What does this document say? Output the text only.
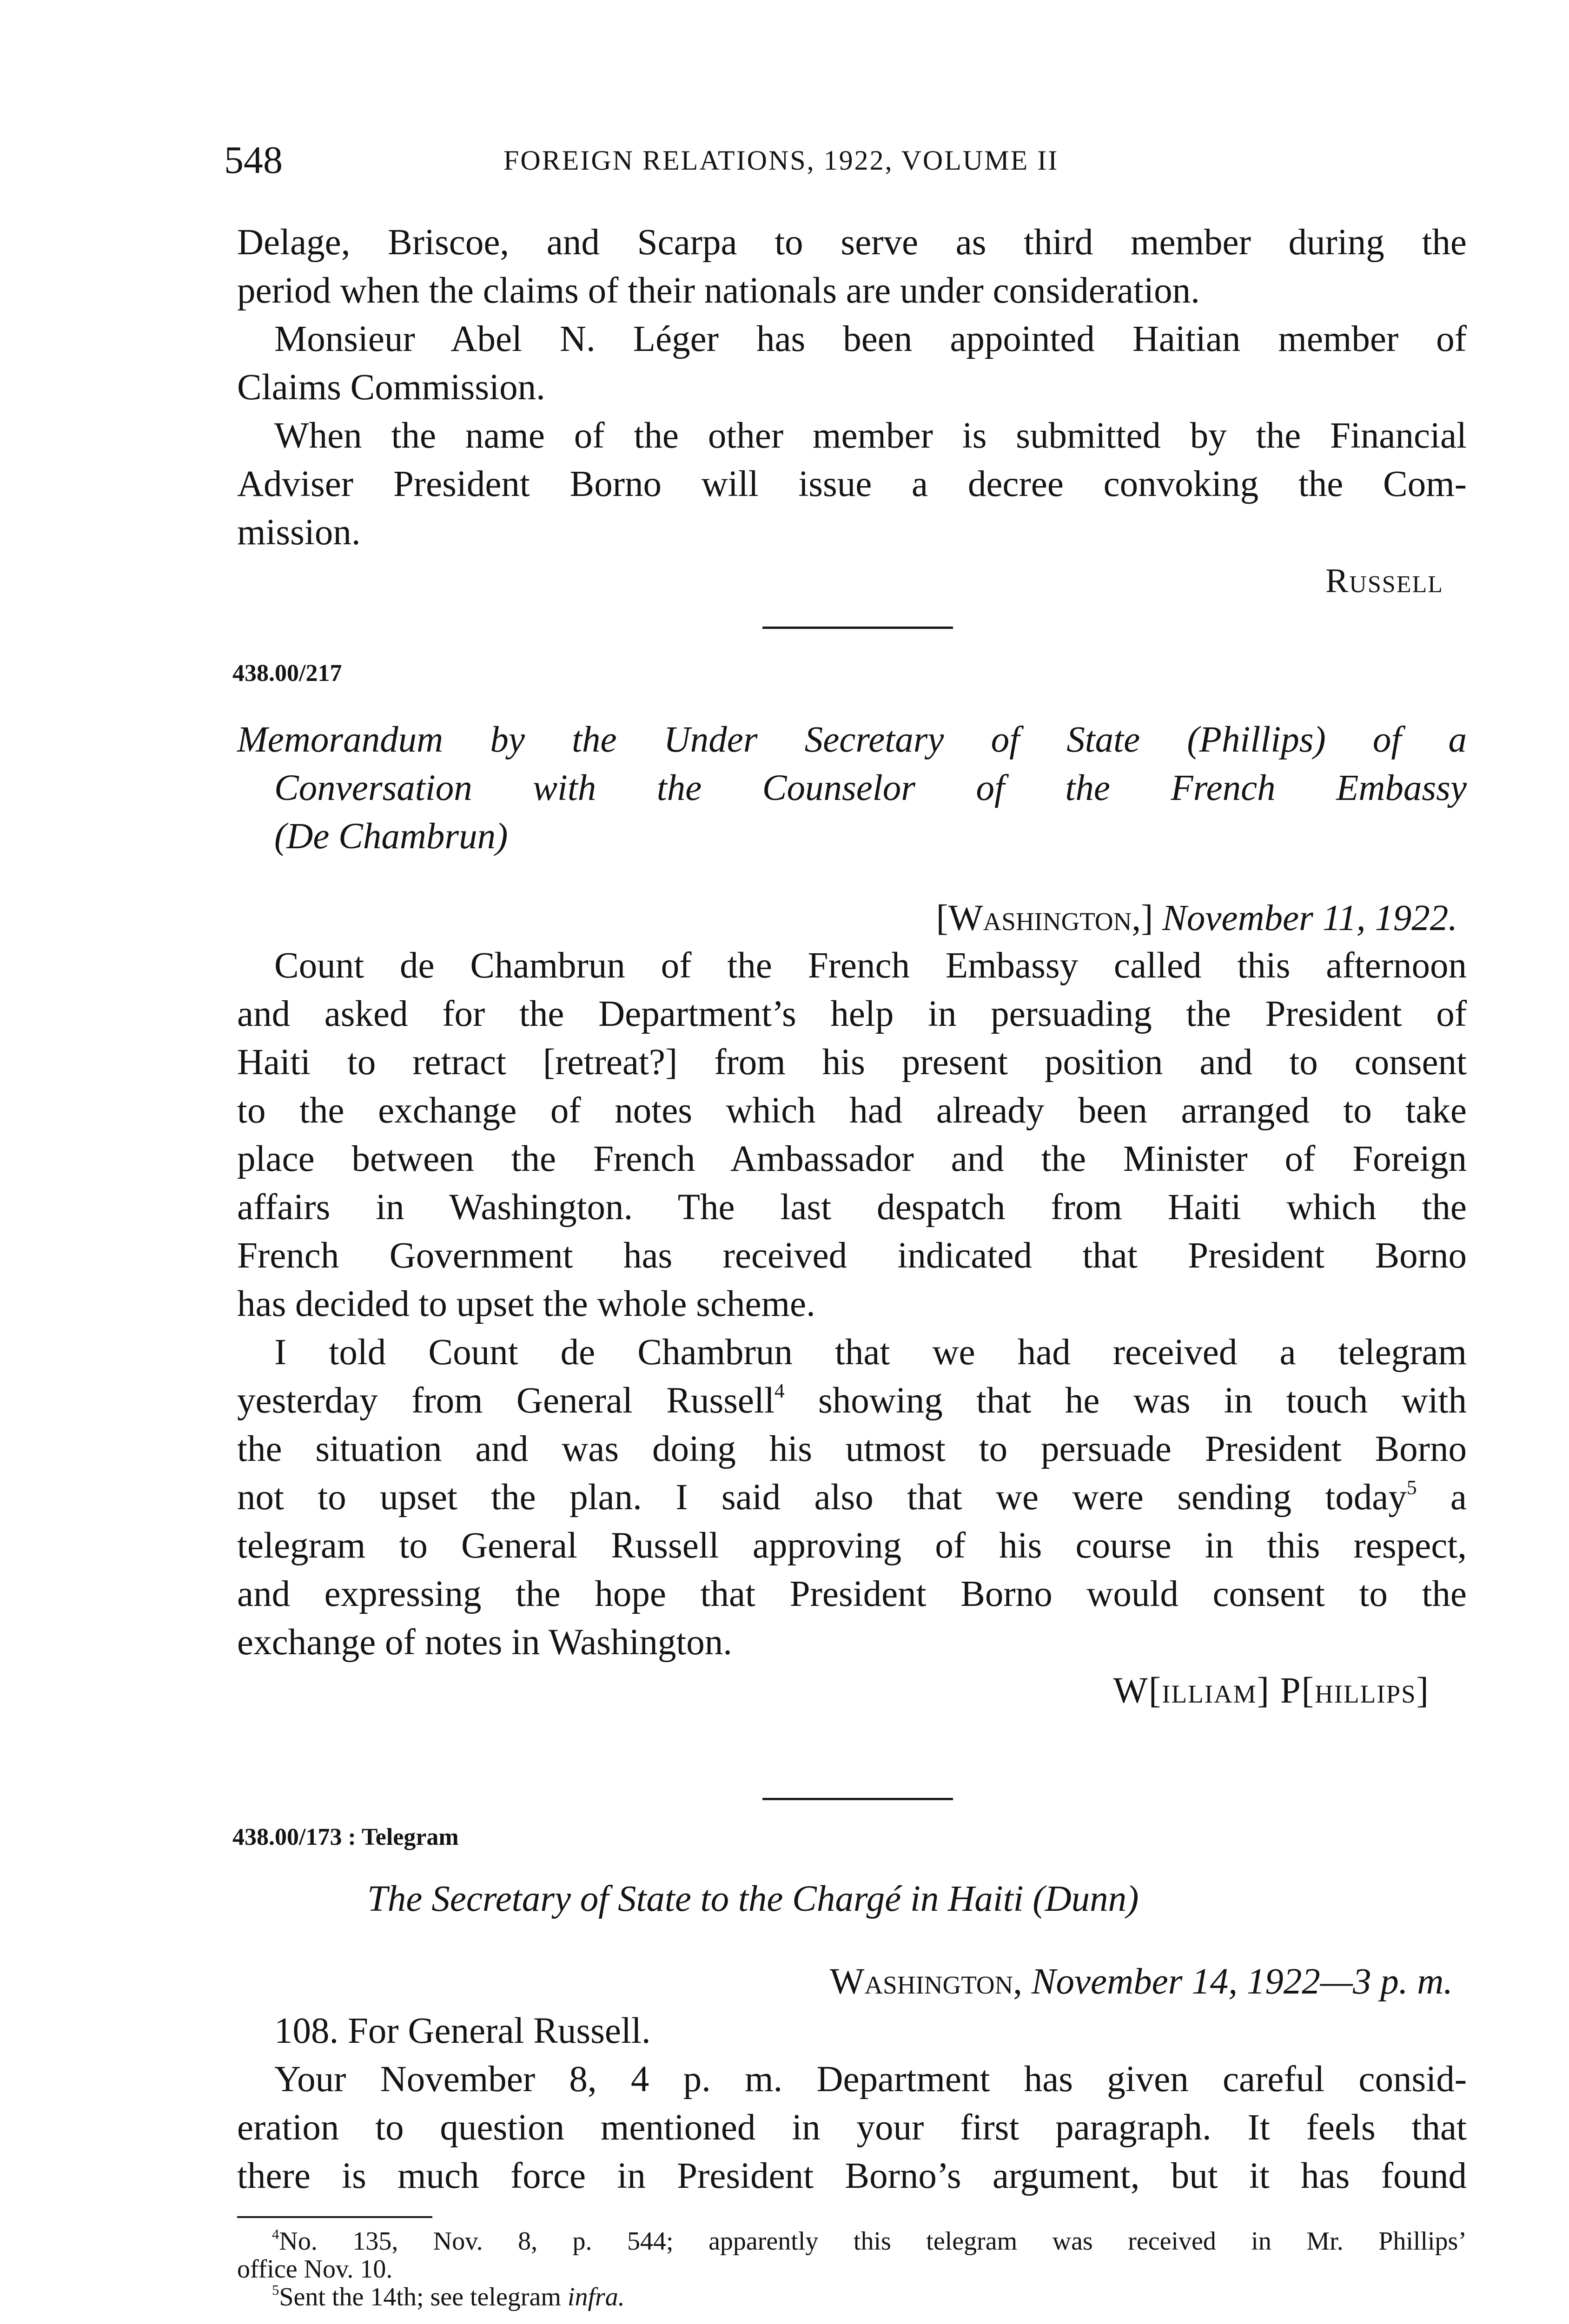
548	FOREIGN RELATIONS, 1922, VOLUME II
Delage, Briscoe, and Scarpa to serve as third member during the
period when the claims of their nationals are under consideration.
Monsieur Abel N. Léger has been appointed Haitian member of
Claims Commission.
When the name of the other member is submitted by the Financial
Adviser President Borno will issue a decree convoking the Com-
mission.
Russell
438.00/217
Memorandum by the Under Secretary of State (Phillips) of a
Conversation with the Counselor of the French Embassy
(De Chambrun)
[Washington,] November 11, 1922.
Count de Chambrun of the French Embassy called this afternoon
and asked for the Department’s help in persuading the President of
Haiti to retract [retreat?] from his present position and to consent
to the exchange of notes which had already been arranged to take
place between the French Ambassador and the Minister of Foreign
affairs in Washington. The last despatch from Haiti which the
French Government has received indicated that President Borno
has decided to upset the whole scheme.
I told Count de Chambrun that we had received a telegram
yesterday from General Russell$^4$ showing that he was in touch with
the situation and was doing his utmost to persuade President Borno
not to upset the plan. I said also that we were sending today$^5$ a
telegram to General Russell approving of his course in this respect,
and expressing the hope that President Borno would consent to the
exchange of notes in Washington.
W[illiam] P[hillips]
438.00/173 : Telegram
The Secretary of State to the Chargé in Haiti (Dunn)
Washington, November 14, 1922—3 p. m.
108. For General Russell.
Your November 8, 4 p. m. Department has given careful consid-
eration to question mentioned in your first paragraph. It feels that
there is much force in President Borno’s argument, but it has found
$^4$No. 135, Nov. 8, p. 544; apparently this telegram was received in Mr. Phillips’
office Nov. 10.
$^5$Sent the 14th; see telegram infra.
